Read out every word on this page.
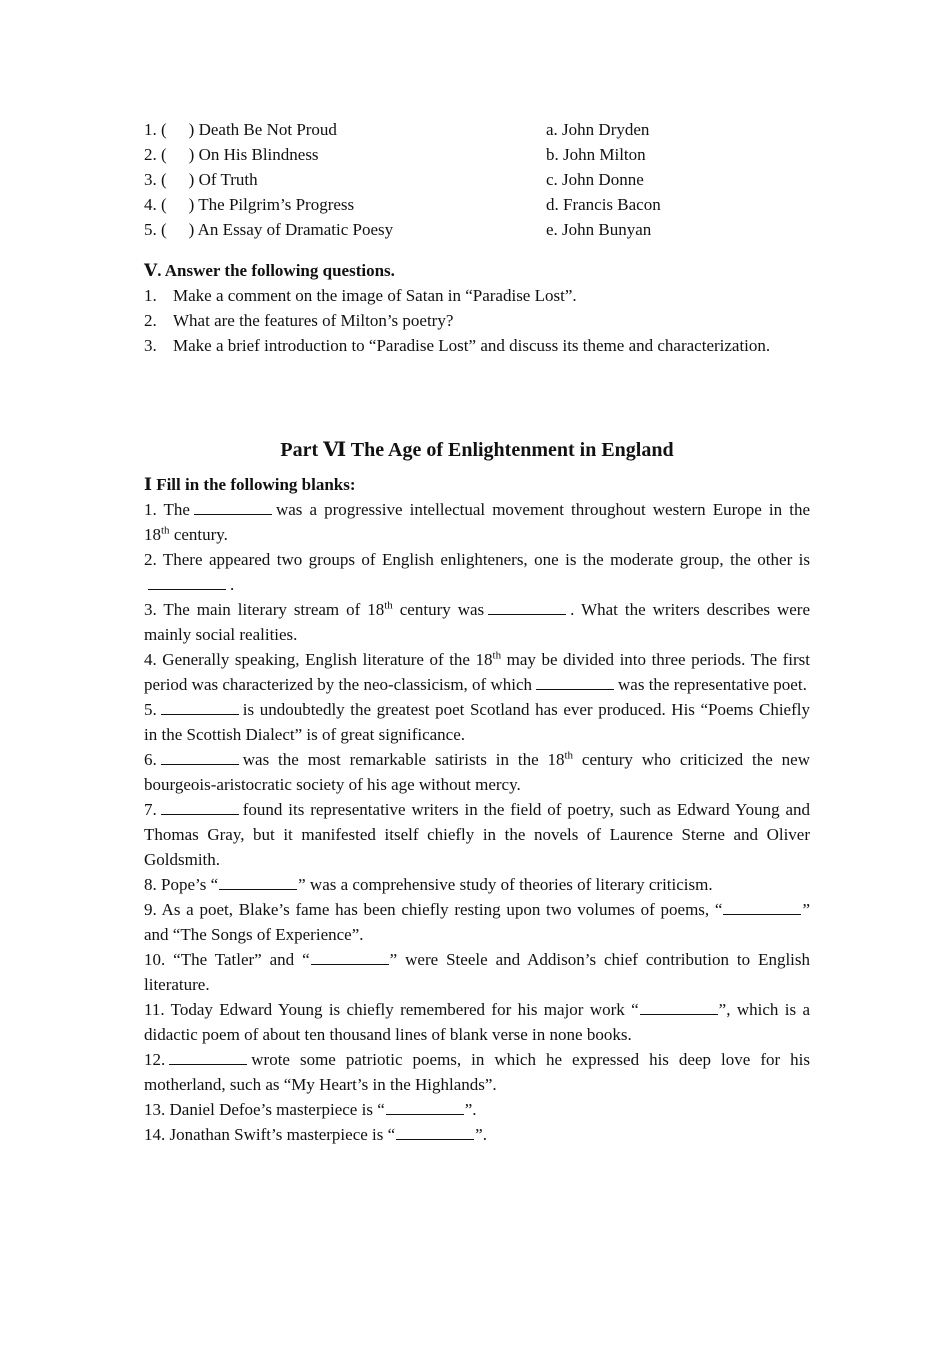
1. ( ) Death Be Not Proud	a. John Dryden
2. ( ) On His Blindness	b. John Milton
3. ( ) Of Truth	c. John Donne
4. ( ) The Pilgrim’s Progress	d. Francis Bacon
5. ( ) An Essay of Dramatic Poesy	e. John Bunyan
Ⅴ. Answer the following questions.
1. Make a comment on the image of Satan in “Paradise Lost”.
2. What are the features of Milton’s poetry?
3. Make a brief introduction to “Paradise Lost” and discuss its theme and characterization.
Part Ⅵ The Age of Enlightenment in England
Ⅰ Fill in the following blanks:
1. The	was a progressive intellectual movement throughout western Europe in the 18th century.
2. There appeared two groups of English enlighteners, one is the moderate group, the other is.
3. The main literary stream of 18th century was	. What the writers describes were mainly social realities.
4. Generally speaking, English literature of the 18th may be divided into three periods. The first period was characterized by the neo-classicism, of which	was the representative poet.
5.	is undoubtedly the greatest poet Scotland has ever produced. His “Poems Chiefly in the Scottish Dialect” is of great significance.
6.	was the most remarkable satirists in the 18th century who criticized the new bourgeois-aristocratic society of his age without mercy.
7.	found its representative writers in the field of poetry, such as Edward Young and Thomas Gray, but it manifested itself chiefly in the novels of Laurence Sterne and Oliver Goldsmith.
8. Pope’s “	” was a comprehensive study of theories of literary criticism.
9. As a poet, Blake’s fame has been chiefly resting upon two volumes of poems, “	” and “The Songs of Experience”.
10. “The Tatler” and “	” were Steele and Addison’s chief contribution to English literature.
11. Today Edward Young is chiefly remembered for his major work “	”, which is a didactic poem of about ten thousand lines of blank verse in none books.
12.	wrote some patriotic poems, in which he expressed his deep love for his motherland, such as “My Heart’s in the Highlands”.
13. Daniel Defoe’s masterpiece is “	”.
14. Jonathan Swift’s masterpiece is “	”.
